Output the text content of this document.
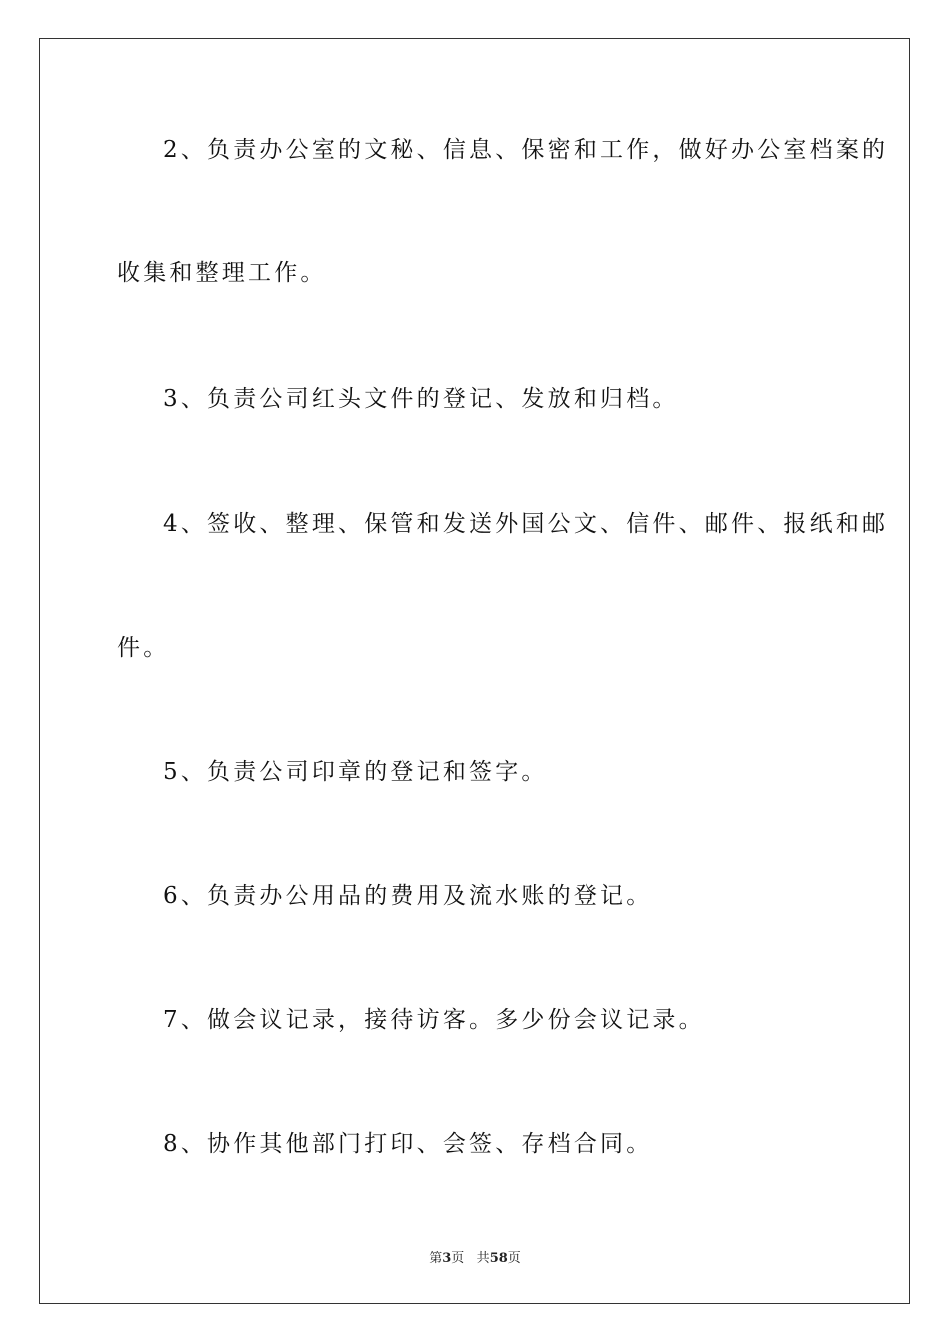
2、负责办公室的文秘、信息、保密和工作，做好办公室档案的
收集和整理工作。
3、负责公司红头文件的登记、发放和归档。
4、签收、整理、保管和发送外国公文、信件、邮件、报纸和邮
件。
5、负责公司印章的登记和签字。
6、负责办公用品的费用及流水账的登记。
7、做会议记录，接待访客。多少份会议记录。
8、协作其他部门打印、会签、存档合同。
第3页 共58页
